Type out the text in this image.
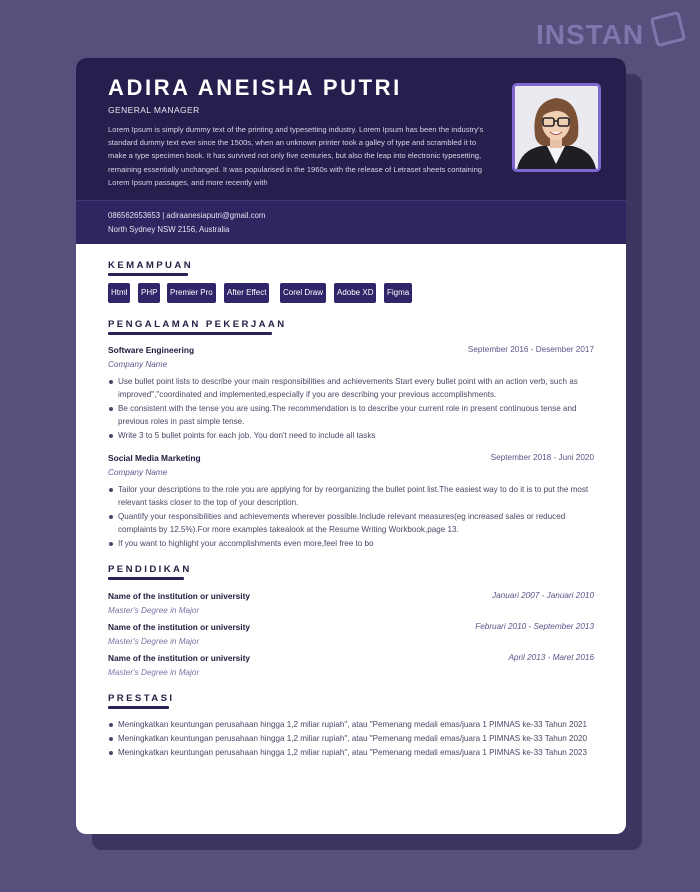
INSTAN
ADIRA ANEISHA PUTRI
GENERAL MANAGER
Lorem Ipsum is simply dummy text of the printing and typesetting industry. Lorem Ipsum has been the industry's standard dummy text ever since the 1500s, when an unknown printer took a galley of type and scrambled it to make a type specimen book. It has survived not only five centuries, but also the leap into electronic typesetting, remaining essentially unchanged. It was popularised in the 1960s with the release of Letraset sheets containing Lorem Ipsum passages, and more recently with
086562653653 | adiraanesiaputri@gmail.com
North Sydney NSW 2156, Australia
KEMAMPUAN
Html	PHP	Premier Pro	After Effect	Corel Draw	Adobe XD	Figma
PENGALAMAN PEKERJAAN
Software Engineering	September 2016 - Desember 2017
Company Name
Use bullet point lists to describe your main responsibilities and achievements Start every bullet point with an action verb, such as improved","coordinated and implemented,especially if you are describing your previous accomplishments.
Be consistent with the tense you are using.The recommendation is to describe your current role in present continuous tense and previous roles in past simple tense.
Write 3 to 5 bullet points for each job. You don't need to include all tasks
Social Media Marketing	September 2018 - Juni 2020
Company Name
Tailor your descriptions to the role you are applying for by reorganizing the bullet point list.The easiest way to do it is to put the most relevant tasks closer to the top of your description.
Quantify your responsibilities and achievements wherever possible.Include relevant measures(eg increased sales or reduced complaints by 12.5%).For more examples takealook at the Resume Writing Workbook,page 13.
If you want to highlight your accomplishments even more,feel free to bo
PENDIDIKAN
Name of the institution or university	Januari 2007 - Januari 2010
Master's Degree in Major
Name of the institution or university	Februari 2010 - September 2013
Master's Degree in Major
Name of the institution or university	April 2013 - Maret 2016
Master's Degree in Major
PRESTASI
Meningkatkan keuntungan perusahaan hingga 1,2 miliar rupiah", atau "Pemenang medali emas/juara 1 PIMNAS ke-33 Tahun 2021
Meningkatkan keuntungan perusahaan hingga 1,2 miliar rupiah", atau "Pemenang medali emas/juara 1 PIMNAS ke-33 Tahun 2020
Meningkatkan keuntungan perusahaan hingga 1,2 miliar rupiah", atau "Pemenang medali emas/juara 1 PIMNAS ke-33 Tahun 2023
